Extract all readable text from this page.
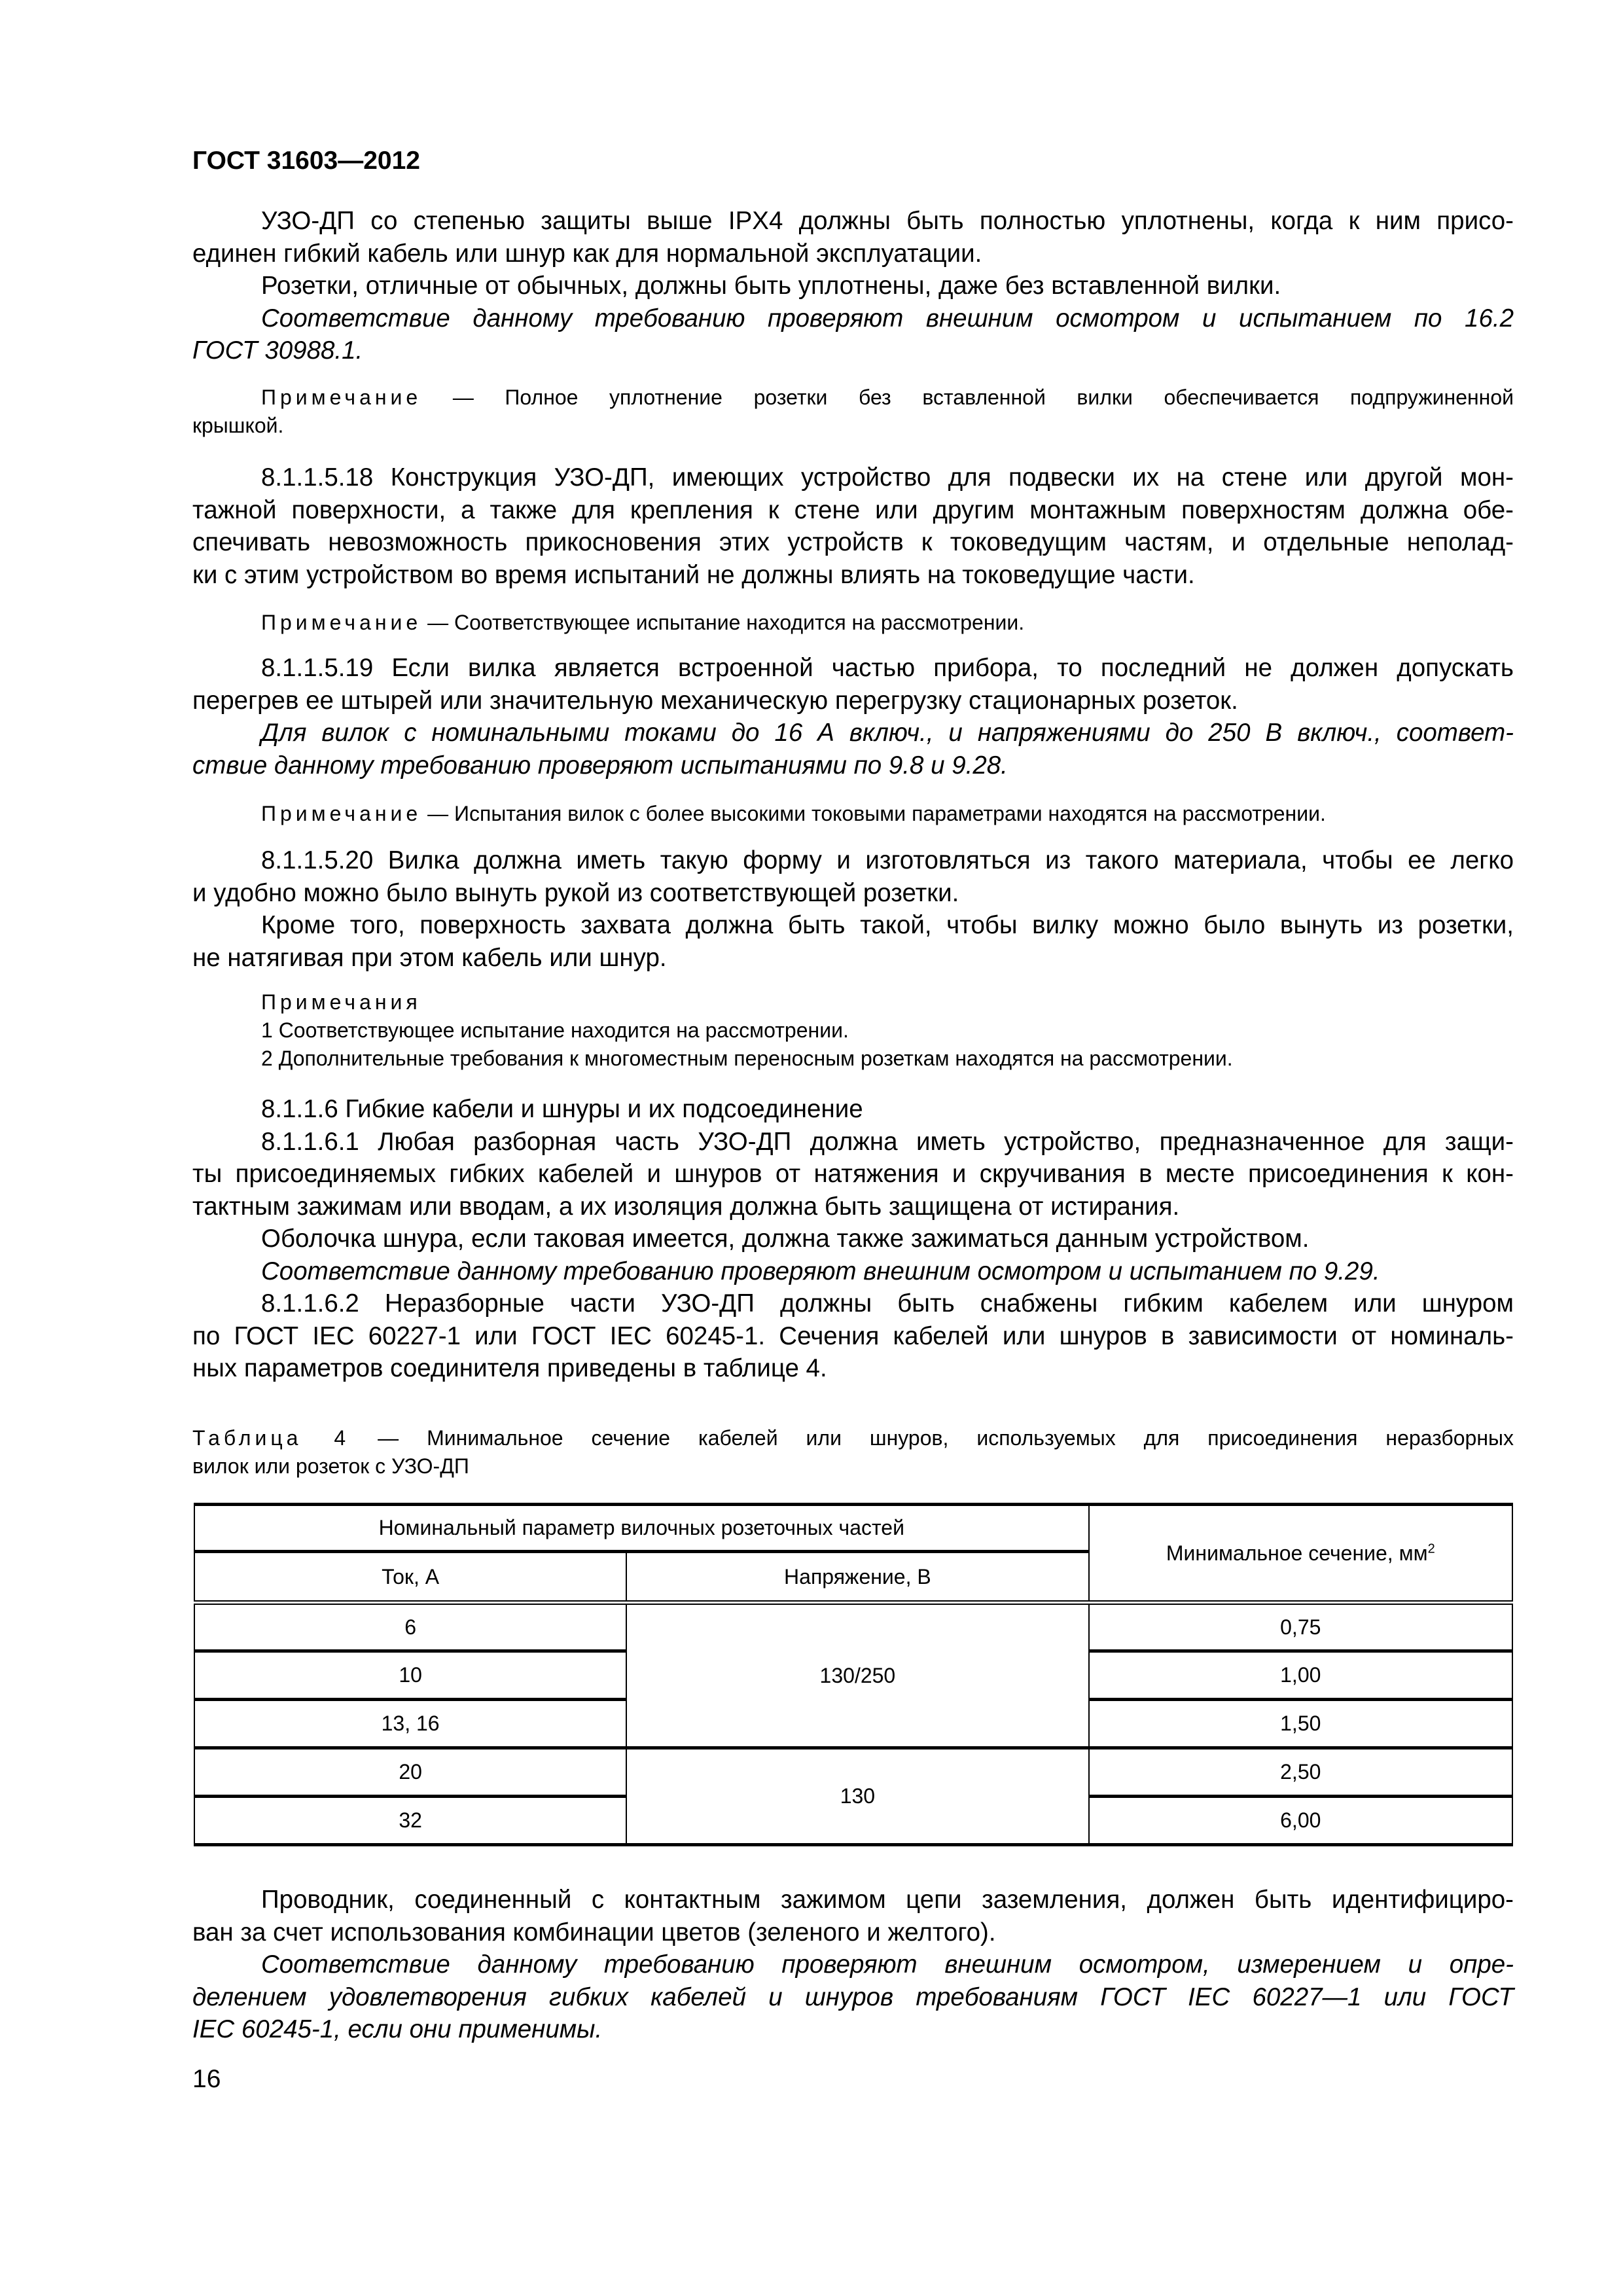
ГОСТ 31603—2012
УЗО-ДП со степенью защиты выше IPX4 должны быть полностью уплотнены, когда к ним присо-
единен гибкий кабель или шнур как для нормальной эксплуатации.
Розетки, отличные от обычных, должны быть уплотнены, даже без вставленной вилки.
Соответствие данному требованию проверяют внешним осмотром и испытанием по 16.2
ГОСТ 30988.1.
Примечание — Полное уплотнение розетки без вставленной вилки обеспечивается подпружиненной
крышкой.
8.1.1.5.18 Конструкция УЗО-ДП, имеющих устройство для подвески их на стене или другой мон-
тажной поверхности, а также для крепления к стене или другим монтажным поверхностям должна обе-
спечивать невозможность прикосновения этих устройств к токоведущим частям, и отдельные неполад-
ки с этим устройством во время испытаний не должны влиять на токоведущие части.
Примечание — Соответствующее испытание находится на рассмотрении.
8.1.1.5.19 Если вилка является встроенной частью прибора, то последний не должен допускать
перегрев ее штырей или значительную механическую перегрузку стационарных розеток.
Для вилок с номинальными токами до 16 А включ., и напряжениями до 250 В включ., соответ-
ствие данному требованию проверяют испытаниями по 9.8 и 9.28.
Примечание — Испытания вилок с более высокими токовыми параметрами находятся на рассмотрении.
8.1.1.5.20 Вилка должна иметь такую форму и изготовляться из такого материала, чтобы ее легко
и удобно можно было вынуть рукой из соответствующей розетки.
Кроме того, поверхность захвата должна быть такой, чтобы вилку можно было вынуть из розетки,
не натягивая при этом кабель или шнур.
Примечания
1 Соответствующее испытание находится на рассмотрении.
2 Дополнительные требования к многоместным переносным розеткам находятся на рассмотрении.
8.1.1.6 Гибкие кабели и шнуры и их подсоединение
8.1.1.6.1 Любая разборная часть УЗО-ДП должна иметь устройство, предназначенное для защи-
ты присоединяемых гибких кабелей и шнуров от натяжения и скручивания в месте присоединения к кон-
тактным зажимам или вводам, а их изоляция должна быть защищена от истирания.
Оболочка шнура, если таковая имеется, должна также зажиматься данным устройством.
Соответствие данному требованию проверяют внешним осмотром и испытанием по 9.29.
8.1.1.6.2 Неразборные части УЗО-ДП должны быть снабжены гибким кабелем или шнуром
по ГОСТ IEC 60227-1 или ГОСТ IEC 60245-1. Сечения кабелей или шнуров в зависимости от номиналь-
ных параметров соединителя приведены в таблице 4.
Таблица 4 — Минимальное сечение кабелей или шнуров, используемых для присоединения неразборных
вилок или розеток с УЗО-ДП
Номинальный параметр вилочных розеточных частей		Минимальное сечение, $мм^2$
Ток, А	Напряжение, В	
6	130/250	0,75
10		1,00
13, 16		1,50
20	130	2,50
32		6,00
Проводник, соединенный с контактным зажимом цепи заземления, должен быть идентифициро-
ван за счет использования комбинации цветов (зеленого и желтого).
Соответствие данному требованию проверяют внешним осмотром, измерением и опре-
делением удовлетворения гибких кабелей и шнуров требованиям ГОСТ IEC 60227—1 или ГОСТ
IEC 60245-1, если они применимы.
16
